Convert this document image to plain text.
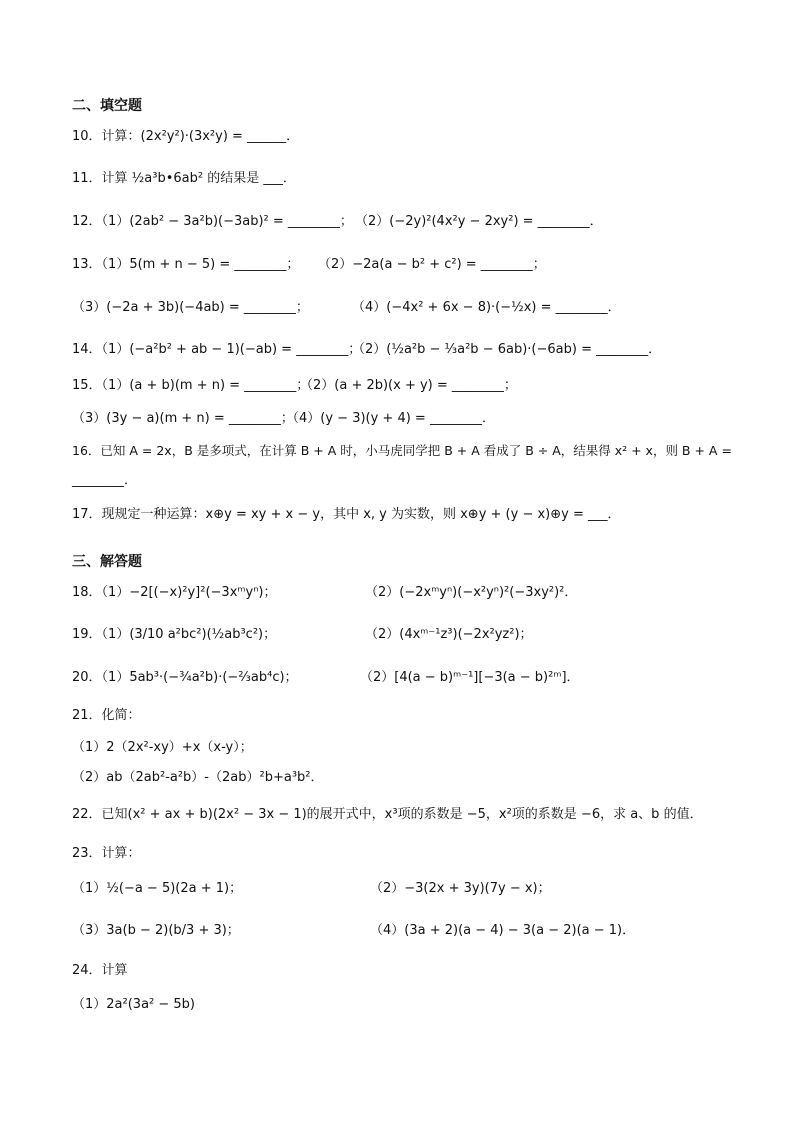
二、填空题
10．计算：(2x²y²)·(3x²y) = ______．
11．计算 ½a³b•6ab² 的结果是 ___．
12．（1）(2ab² − 3a²b)(−3ab)² = ________； （2）(−2y)²(4x²y − 2xy²) = ________．
13．（1）5(m + n − 5) = ________； （2）−2a(a − b² + c²) = ________；
（3）(−2a + 3b)(−4ab) = ________；	（4）(−4x² + 6x − 8)·(−½x) = ________．
14．（1）(−a²b² + ab − 1)(−ab) = ________；
（2）(½a²b − ⅓a²b − 6ab)·(−6ab) = ________．
15．（1）(a + b)(m + n) = ________；
（2）(a + 2b)(x + y) = ________；
（3）(3y − a)(m + n) = ________；
（4）(y − 3)(y + 4) = ________．
16．已知 A = 2x，B 是多项式，在计算 B + A 时，小马虎同学把 B + A 看成了 B ÷ A，结果得 x² + x，则 B + A =
________．
17．现规定一种运算：x⊕y = xy + x − y，其中 x, y 为实数，则 x⊕y + (y − x)⊕y = ___．
三、解答题
18．（1）−2[(−x)²y]²(−3xᵐyⁿ)；	（2）(−2xᵐyⁿ)(−x²yⁿ)²(−3xy²)²．
19．（1）(3/10 a²bc²)(½ab³c²)；	（2）(4xᵐ⁻¹z³)(−2x²yz²)；
20．（1）5ab³·(−¾a²b)·(−⅔ab⁴c)；	（2）[4(a − b)ᵐ⁻¹][−3(a − b)²ᵐ]．
21．化简：
（1）2（2x²-xy）+x（x-y）；
（2）ab（2ab²-a²b）-（2ab）²b+a³b²．
22．已知(x² + ax + b)(2x² − 3x − 1)的展开式中，x³项的系数是 −5，x²项的系数是 −6，求 a、b 的值．
23．计算：
（1）½(−a − 5)(2a + 1)；	（2）−3(2x + 3y)(7y − x)；
（3）3a(b − 2)(b/3 + 3)；	（4）(3a + 2)(a − 4) − 3(a − 2)(a − 1)．
24．计算
（1）2a²(3a² − 5b)
